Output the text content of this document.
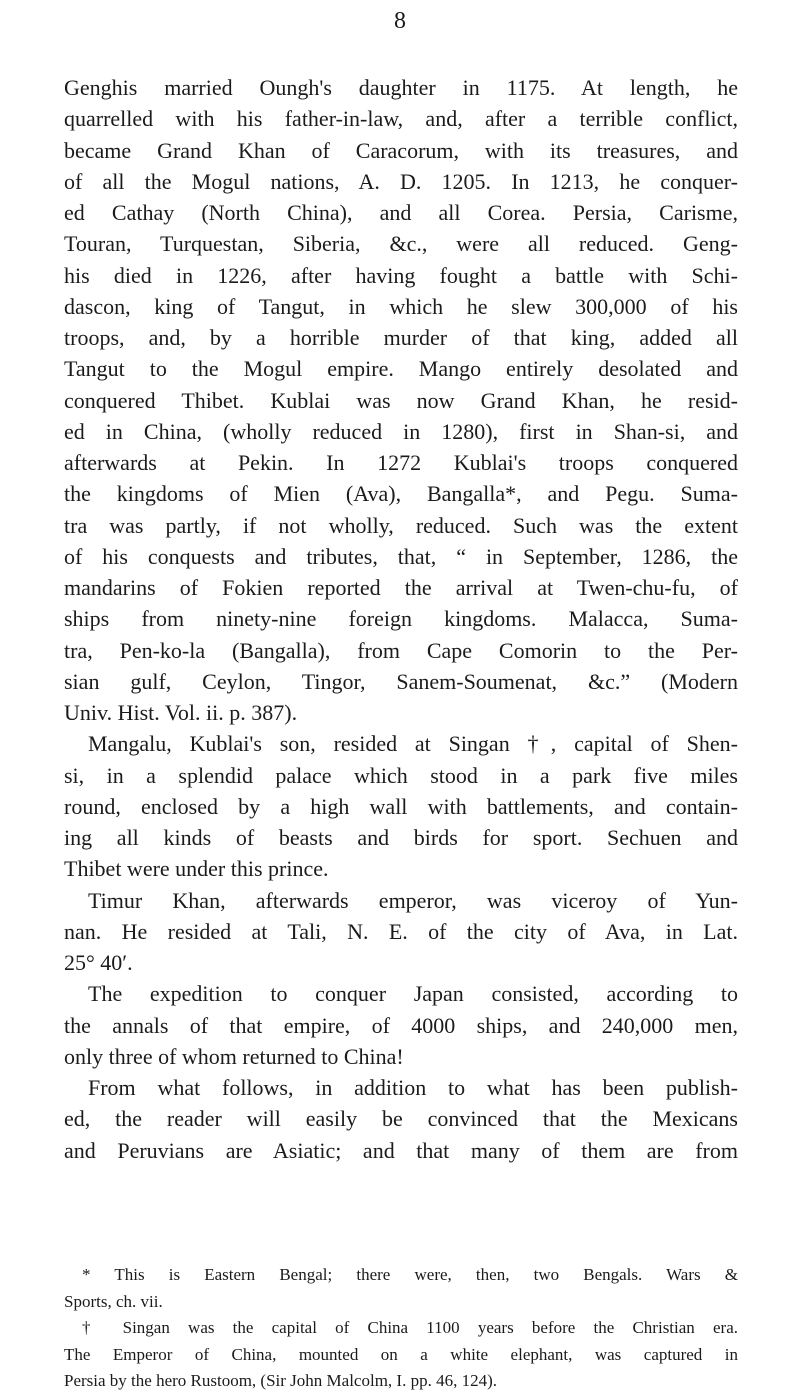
8
Genghis married Oungh's daughter in 1175. At length, he
quarrelled with his father-in-law, and, after a terrible conflict,
became Grand Khan of Caracorum, with its treasures, and
of all the Mogul nations, A. D. 1205. In 1213, he conquer-
ed Cathay (North China), and all Corea. Persia, Carisme,
Touran, Turquestan, Siberia, &c., were all reduced. Geng-
his died in 1226, after having fought a battle with Schi-
dascon, king of Tangut, in which he slew 300,000 of his
troops, and, by a horrible murder of that king, added all
Tangut to the Mogul empire. Mango entirely desolated and
conquered Thibet. Kublai was now Grand Khan, he resid-
ed in China, (wholly reduced in 1280), first in Shan-si, and
afterwards at Pekin. In 1272 Kublai's troops conquered
the kingdoms of Mien (Ava), Bangalla*, and Pegu. Suma-
tra was partly, if not wholly, reduced. Such was the extent
of his conquests and tributes, that, “ in September, 1286, the
mandarins of Fokien reported the arrival at Twen-chu-fu, of
ships from ninety-nine foreign kingdoms. Malacca, Suma-
tra, Pen-ko-la (Bangalla), from Cape Comorin to the Per-
sian gulf, Ceylon, Tingor, Sanem-Soumenat, &c.” (Modern
Univ. Hist. Vol. ii. p. 387).
Mangalu, Kublai's son, resided at Singan †, capital of Shen-
si, in a splendid palace which stood in a park five miles
round, enclosed by a high wall with battlements, and contain-
ing all kinds of beasts and birds for sport. Sechuen and
Thibet were under this prince.
Timur Khan, afterwards emperor, was viceroy of Yun-
nan. He resided at Tali, N. E. of the city of Ava, in Lat.
25° 40′.
The expedition to conquer Japan consisted, according to
the annals of that empire, of 4000 ships, and 240,000 men,
only three of whom returned to China!
From what follows, in addition to what has been publish-
ed, the reader will easily be convinced that the Mexicans
and Peruvians are Asiatic; and that many of them are from
* This is Eastern Bengal; there were, then, two Bengals. Wars &
Sports, ch. vii.
† Singan was the capital of China 1100 years before the Christian era.
The Emperor of China, mounted on a white elephant, was captured in
Persia by the hero Rustoom, (Sir John Malcolm, I. pp. 46, 124).
